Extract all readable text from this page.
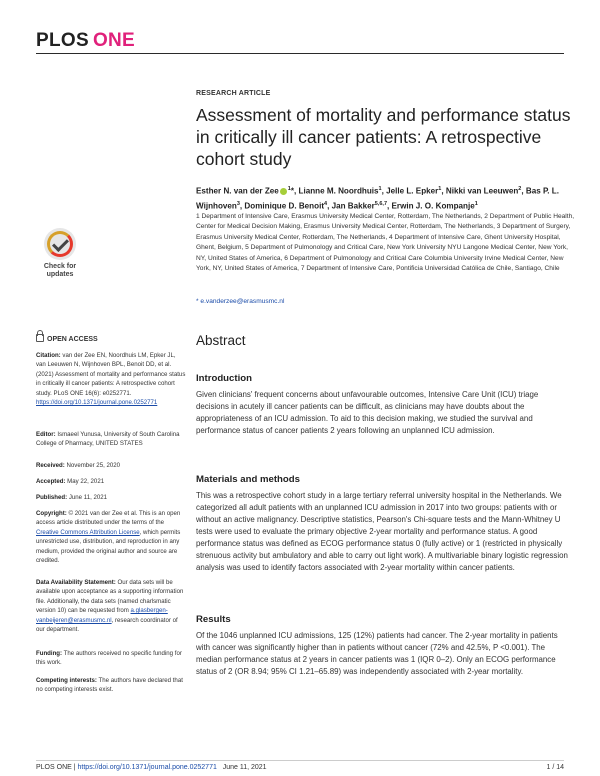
PLOS ONE
RESEARCH ARTICLE
Assessment of mortality and performance status in critically ill cancer patients: A retrospective cohort study
Esther N. van der Zee $^1$*, Lianne M. Noordhuis$^1$, Jelle L. Epker$^1$, Nikki van Leeuwen$^2$, Bas P. L. Wijnhoven$^3$, Dominique D. Benoit$^4$, Jan Bakker$^{5,6,7}$, Erwin J. O. Kompanje$^1$
1 Department of Intensive Care, Erasmus University Medical Center, Rotterdam, The Netherlands, 2 Department of Public Health, Center for Medical Decision Making, Erasmus University Medical Center, Rotterdam, The Netherlands, 3 Department of Surgery, Erasmus University Medical Center, Rotterdam, The Netherlands, 4 Department of Intensive Care, Ghent University Hospital, Ghent, Belgium, 5 Department of Pulmonology and Critical Care, New York University NYU Langone Medical Center, New York, NY, United States of America, 6 Department of Pulmonology and Critical Care Columbia University Irvine Medical Center, New York, NY, United States of America, 7 Department of Intensive Care, Pontificia Universidad Católica de Chile, Santiago, Chile
* e.vanderzee@erasmusmc.nl
Check for
updates
OPEN ACCESS
Citation: van der Zee EN, Noordhuis LM, Epker JL, van Leeuwen N, Wijnhoven BPL, Benoit DD, et al. (2021) Assessment of mortality and performance status in critically ill cancer patients: A retrospective cohort study. PLoS ONE 16(6): e0252771. https://doi.org/10.1371/journal.pone.0252771
Editor: Ismaeel Yunusa, University of South Carolina College of Pharmacy, UNITED STATES
Received: November 25, 2020
Accepted: May 22, 2021
Published: June 11, 2021
Copyright: © 2021 van der Zee et al. This is an open access article distributed under the terms of the Creative Commons Attribution License, which permits unrestricted use, distribution, and reproduction in any medium, provided the original author and source are credited.
Data Availability Statement: Our data sets will be available upon acceptance as a supporting information file. Additionally, the data sets (named charlsmatic version 10) can be requested from a.glasbergen-vanbeijeren@erasmusmc.nl, research coordinator of our department.
Funding: The authors received no specific funding for this work.
Competing interests: The authors have declared that no competing interests exist.
Abstract
Introduction
Given clinicians' frequent concerns about unfavourable outcomes, Intensive Care Unit (ICU) triage decisions in acutely ill cancer patients can be difficult, as clinicians may have doubts about the appropriateness of an ICU admission. To aid to this decision making, we studied the survival and performance status of cancer patients 2 years following an unplanned ICU admission.
Materials and methods
This was a retrospective cohort study in a large tertiary referral university hospital in the Netherlands. We categorized all adult patients with an unplanned ICU admission in 2017 into two groups: patients with or without an active malignancy. Descriptive statistics, Pearson's Chi-square tests and the Mann-Whitney U tests were used to evaluate the primary objective 2-year mortality and performance status. A good performance status was defined as ECOG performance status 0 (fully active) or 1 (restricted in physically strenuous activity but ambulatory and able to carry out light work). A multivariable binary logistic regression analysis was used to identify factors associated with 2-year mortality within cancer patients.
Results
Of the 1046 unplanned ICU admissions, 125 (12%) patients had cancer. The 2-year mortality in patients with cancer was significantly higher than in patients without cancer (72% and 42.5%, P <0.001). The median performance status at 2 years in cancer patients was 1 (IQR 0–2). Only an ECOG performance status of 2 (OR 8.94; 95% CI 1.21–65.89) was independently associated with 2-year mortality.
PLOS ONE | https://doi.org/10.1371/journal.pone.0252771 June 11, 2021	1 / 14
